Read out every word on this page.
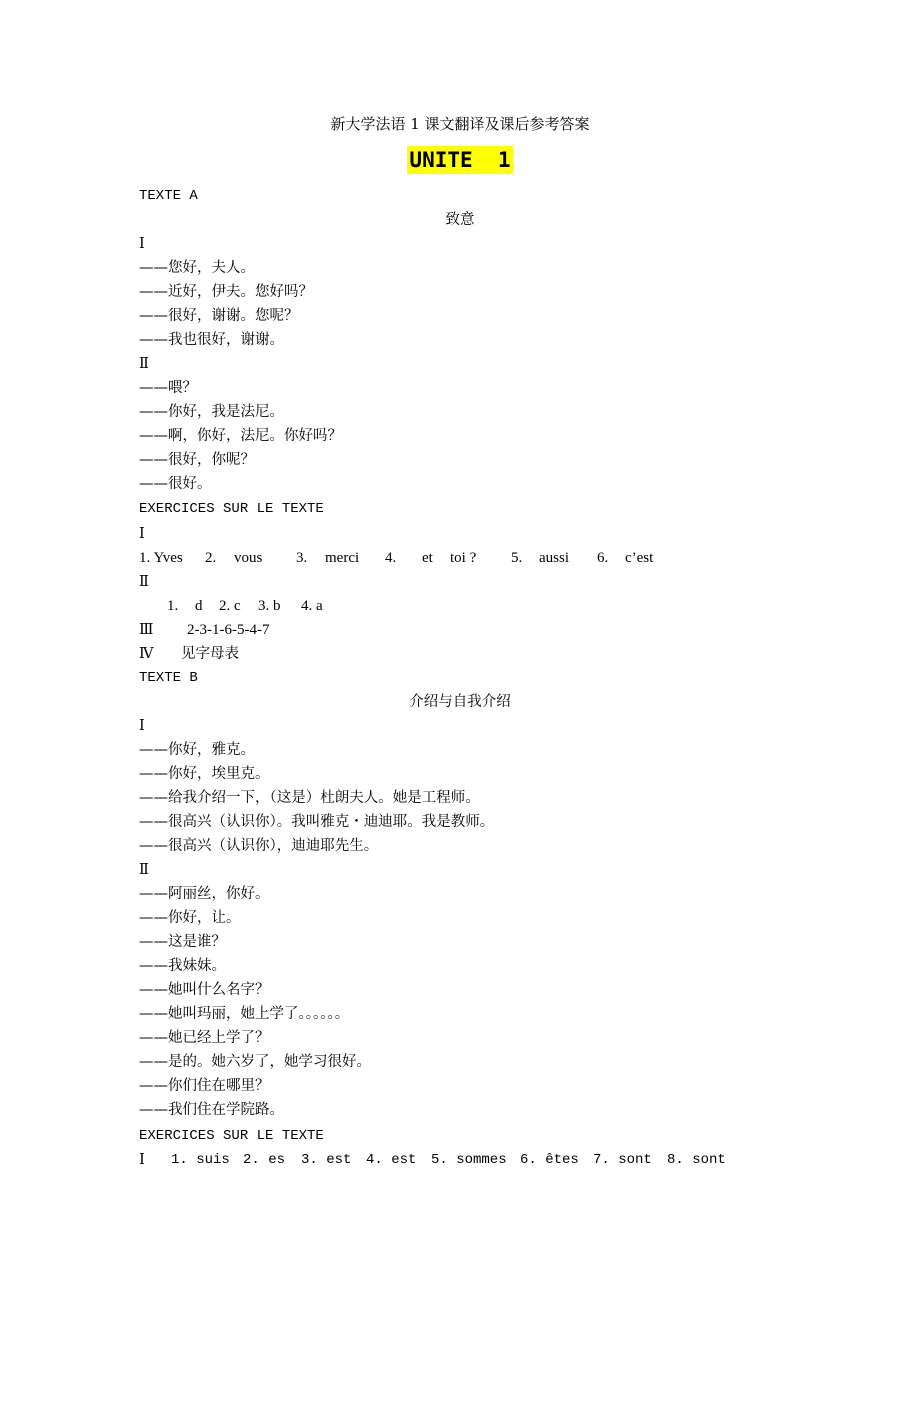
新大学法语 1 课文翻译及课后参考答案
UNITE  1
TEXTE A
致意
Ⅰ
——您好，夫人。
——近好，伊夫。您好吗？
——很好，谢谢。您呢？
——我也很好，谢谢。
Ⅱ
——喂？
——你好，我是法尼。
——啊，你好，法尼。你好吗？
——很好，你呢？
——很好。
EXERCICES SUR LE TEXTE
Ⅰ

1. Yves

2.

vous

3.

merci

4.

et

toi ?

5.

aussi

6.

c’est

Ⅱ

1.

d

2. c

3. b

4. a

Ⅲ

2-3-1-6-5-4-7

Ⅳ

见字母表

TEXTE B
介绍与自我介绍
Ⅰ
——你好，雅克。
——你好，埃里克。
——给我介绍一下，（这是）杜朗夫人。她是工程师。
——很高兴（认识你）。我叫雅克・迪迪耶。我是教师。
——很高兴（认识你），迪迪耶先生。
Ⅱ
——阿丽丝，你好。
——你好，让。
——这是谁？
——我妹妹。
——她叫什么名字？
——她叫玛丽，她上学了。。。。。。
——她已经上学了？
——是的。她六岁了，她学习很好。
——你们住在哪里？
——我们住在学院路。
EXERCICES SUR LE TEXTE

Ⅰ

1. suis

2. es

3. est

4. est

5. sommes

6. êtes

7. sont

8. sont
